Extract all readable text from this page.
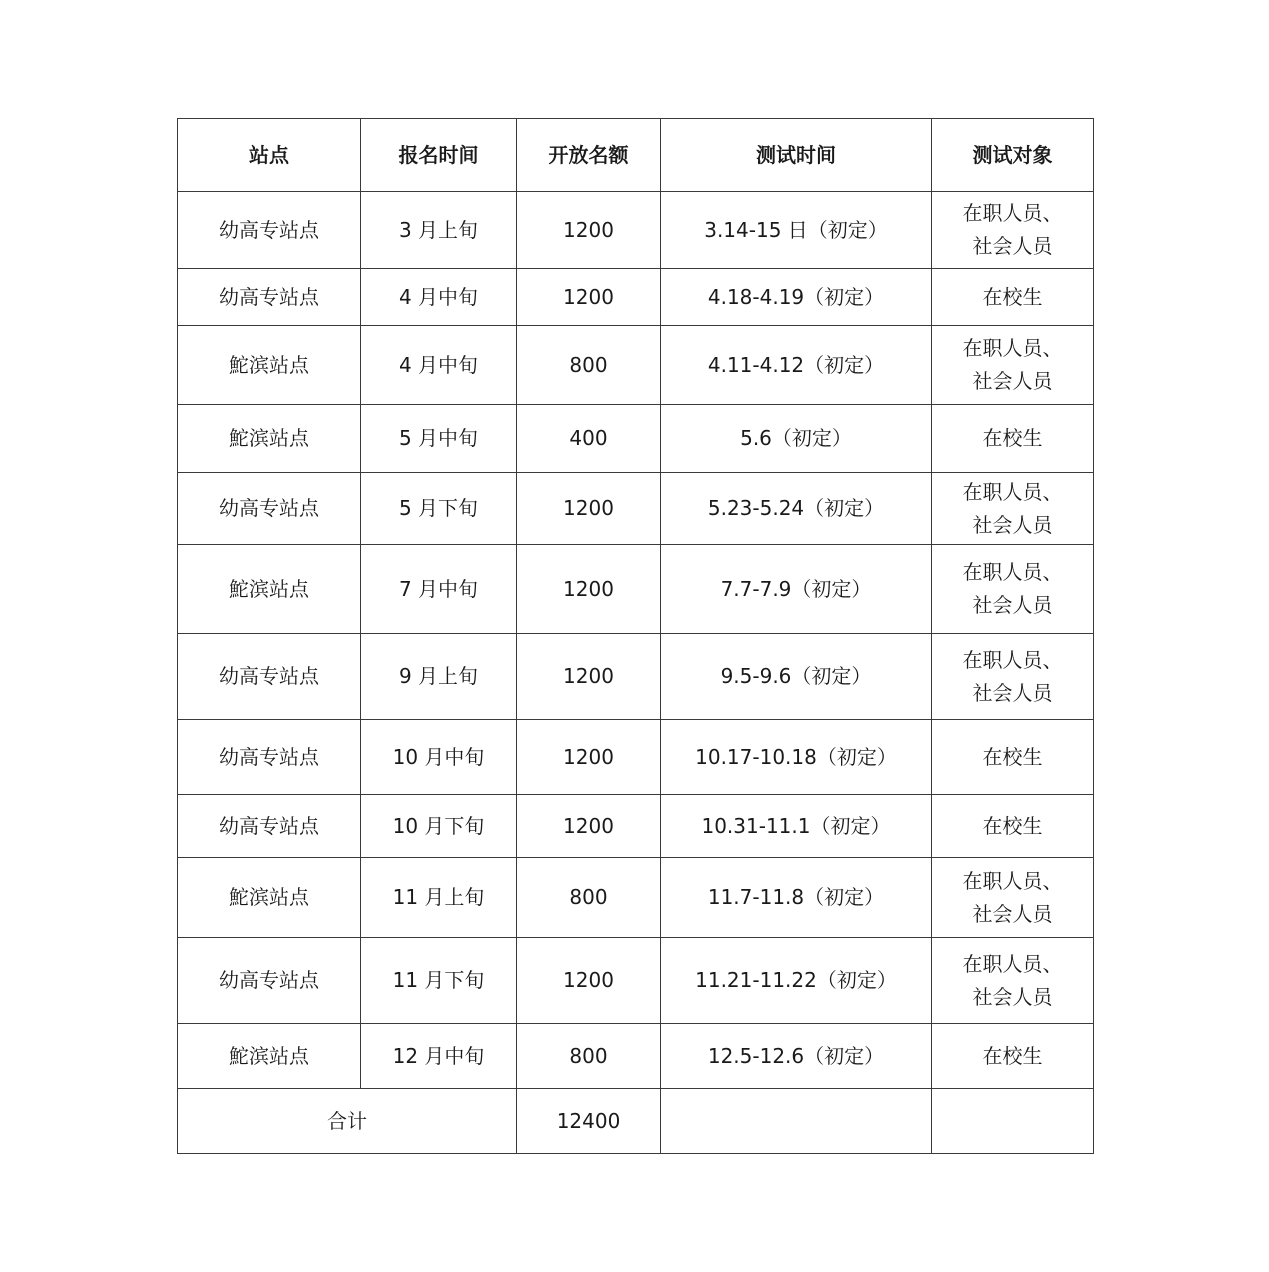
站点	报名时间	开放名额	测试时间	测试对象
幼高专站点	3 月上旬	1200	3.14-15 日（初定）	在职人员、
社会人员

幼高专站点	4 月中旬	1200	4.18-4.19（初定）	在校生

鮀滨站点	4 月中旬	800	4.11-4.12（初定）	在职人员、
社会人员

鮀滨站点	5 月中旬	400	5.6（初定）	在校生

幼高专站点	5 月下旬	1200	5.23-5.24（初定）	在职人员、
社会人员

鮀滨站点	7 月中旬	1200	7.7-7.9（初定）	在职人员、
社会人员

幼高专站点	9 月上旬	1200	9.5-9.6（初定）	在职人员、
社会人员

幼高专站点	10 月中旬	1200	10.17-10.18（初定）	在校生

幼高专站点	10 月下旬	1200	10.31-11.1（初定）	在校生

鮀滨站点	11 月上旬	800	11.7-11.8（初定）	在职人员、
社会人员

幼高专站点	11 月下旬	1200	11.21-11.22（初定）	在职人员、
社会人员

鮀滨站点	12 月中旬	800	12.5-12.6（初定）	在校生

合计		12400		
